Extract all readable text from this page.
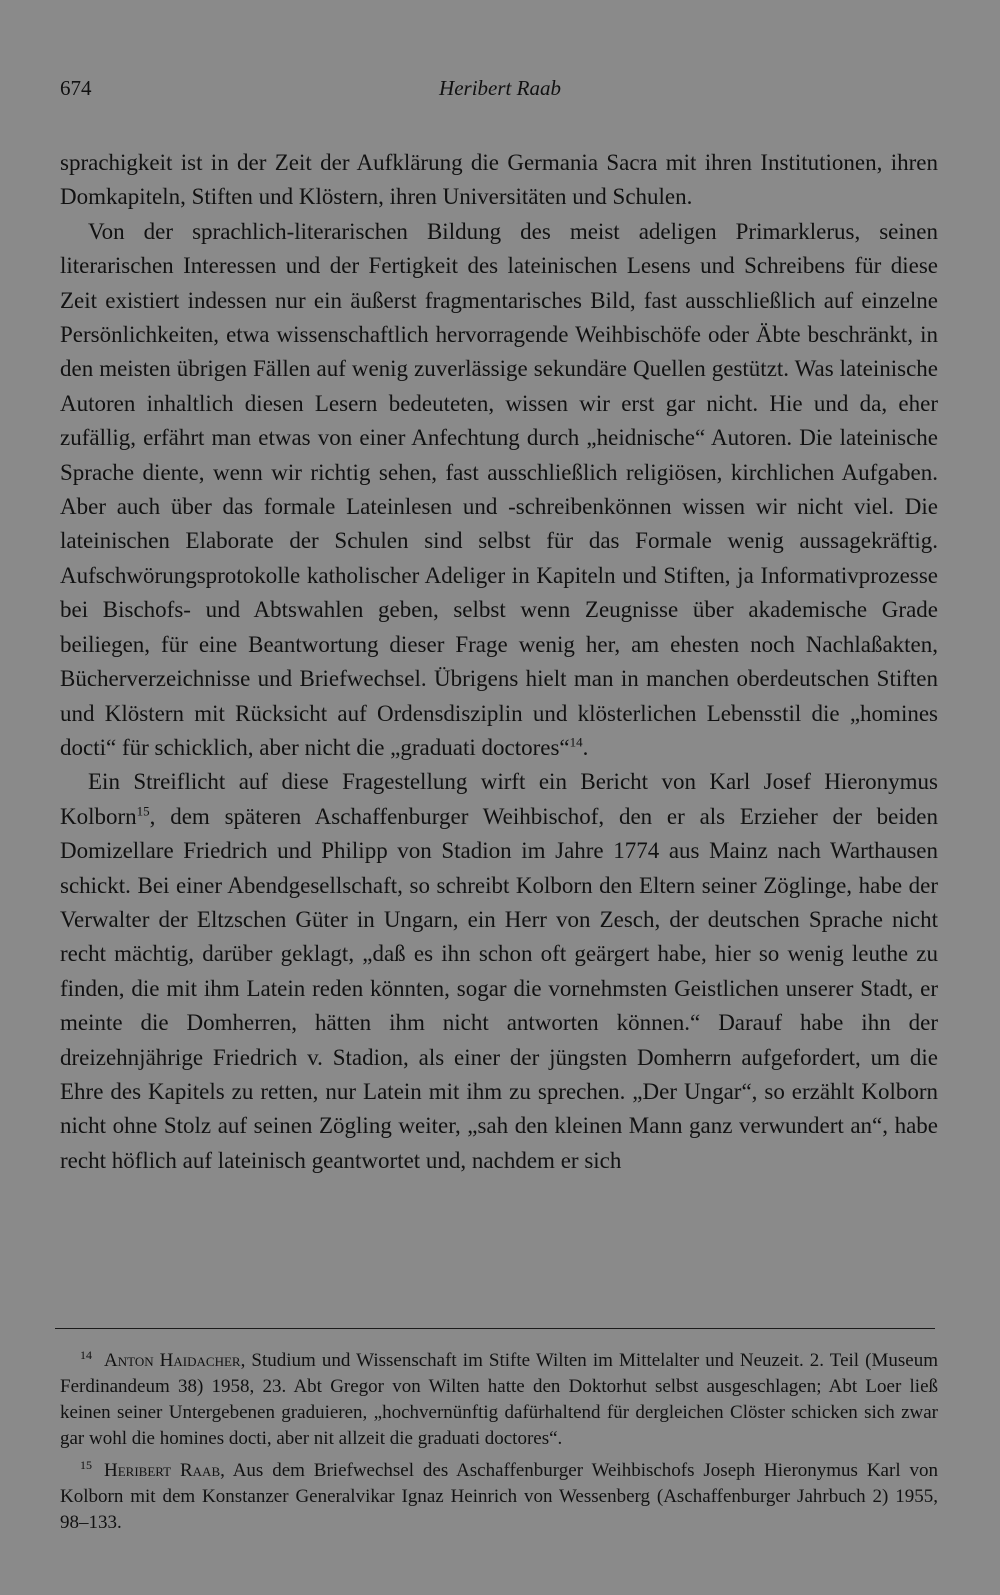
674	Heribert Raab

sprachigkeit ist in der Zeit der Aufklärung die Germania Sacra mit ihren Institutionen, ihren Domkapiteln, Stiften und Klöstern, ihren Universitäten und Schulen.

Von der sprachlich-literarischen Bildung des meist adeligen Primarklerus, seinen literarischen Interessen und der Fertigkeit des lateinischen Lesens und Schreibens für diese Zeit existiert indessen nur ein äußerst fragmentarisches Bild, fast ausschließlich auf einzelne Persönlichkeiten, etwa wissenschaftlich hervorragende Weihbischöfe oder Äbte beschränkt, in den meisten übrigen Fällen auf wenig zuverlässige sekundäre Quellen gestützt. Was lateinische Autoren inhaltlich diesen Lesern bedeuteten, wissen wir erst gar nicht. Hie und da, eher zufällig, erfährt man etwas von einer Anfechtung durch „heidnische“ Autoren. Die lateinische Sprache diente, wenn wir richtig sehen, fast ausschließlich religiösen, kirchlichen Aufgaben. Aber auch über das formale Lateinlesen und -schreibenkönnen wissen wir nicht viel. Die lateinischen Elaborate der Schulen sind selbst für das Formale wenig aussagekräftig. Aufschwörungsprotokolle katholischer Adeliger in Kapiteln und Stiften, ja Informativprozesse bei Bischofs- und Abtswahlen geben, selbst wenn Zeugnisse über akademische Grade beiliegen, für eine Beantwortung dieser Frage wenig her, am ehesten noch Nachlaßakten, Bücherverzeichnisse und Briefwechsel. Übrigens hielt man in manchen oberdeutschen Stiften und Klöstern mit Rücksicht auf Ordensdisziplin und klösterlichen Lebensstil die „homines docti“ für schicklich, aber nicht die „graduati doctores“$^{14}$.

Ein Streiflicht auf diese Fragestellung wirft ein Bericht von Karl Josef Hieronymus Kolborn$^{15}$, dem späteren Aschaffenburger Weihbischof, den er als Erzieher der beiden Domizellare Friedrich und Philipp von Stadion im Jahre 1774 aus Mainz nach Warthausen schickt. Bei einer Abendgesellschaft, so schreibt Kolborn den Eltern seiner Zöglinge, habe der Verwalter der Eltzschen Güter in Ungarn, ein Herr von Zesch, der deutschen Sprache nicht recht mächtig, darüber geklagt, „daß es ihn schon oft geärgert habe, hier so wenig leuthe zu finden, die mit ihm Latein reden könnten, sogar die vornehmsten Geistlichen unserer Stadt, er meinte die Domherren, hätten ihm nicht antworten können.“ Darauf habe ihn der dreizehnjährige Friedrich v. Stadion, als einer der jüngsten Domherrn aufgefordert, um die Ehre des Kapitels zu retten, nur Latein mit ihm zu sprechen. „Der Ungar“, so erzählt Kolborn nicht ohne Stolz auf seinen Zögling weiter, „sah den kleinen Mann ganz verwundert an“, habe recht höflich auf lateinisch geantwortet und, nachdem er sich

$^{14}$ Anton Haidacher, Studium und Wissenschaft im Stifte Wilten im Mittelalter und Neuzeit. 2. Teil (Museum Ferdinandeum 38) 1958, 23. Abt Gregor von Wilten hatte den Doktorhut selbst ausgeschlagen; Abt Loer ließ keinen seiner Untergebenen graduieren, „hochvernünftig dafürhaltend für dergleichen Clöster schicken sich zwar gar wohl die homines docti, aber nit allzeit die graduati doctores“.

$^{15}$ Heribert Raab, Aus dem Briefwechsel des Aschaffenburger Weihbischofs Joseph Hieronymus Karl von Kolborn mit dem Konstanzer Generalvikar Ignaz Heinrich von Wessenberg (Aschaffenburger Jahrbuch 2) 1955, 98–133.
